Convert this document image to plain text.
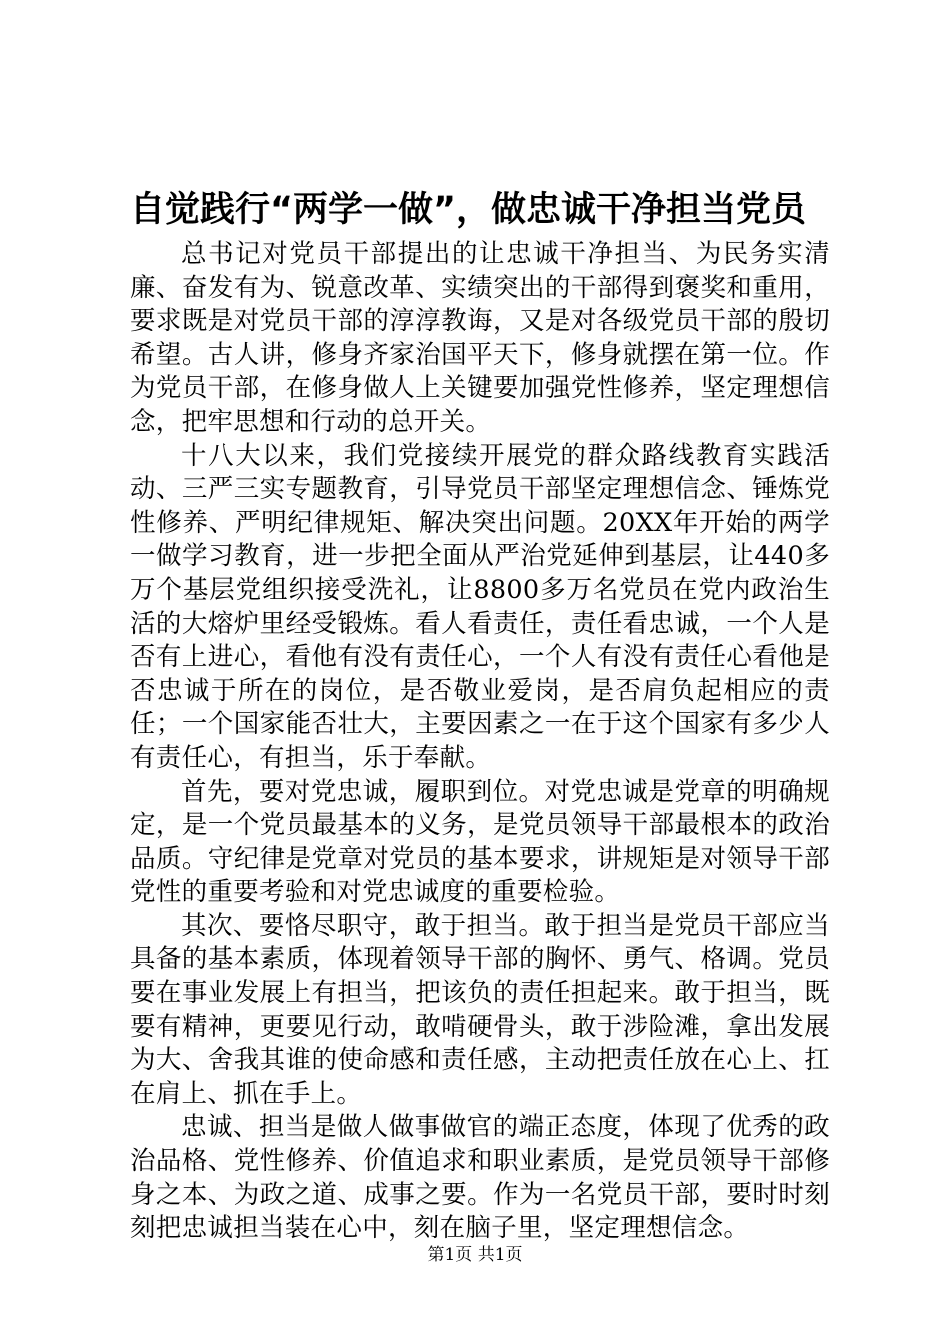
自觉践行“两学一做”，做忠诚干净担当党员

总书记对党员干部提出的让忠诚干净担当、为民务实清廉、奋发有为、锐意改革、实绩突出的干部得到褒奖和重用，要求既是对党员干部的淳淳教诲，又是对各级党员干部的殷切希望。古人讲，修身齐家治国平天下，修身就摆在第一位。作为党员干部，在修身做人上关键要加强党性修养，坚定理想信念，把牢思想和行动的总开关。

十八大以来，我们党接续开展党的群众路线教育实践活动、三严三实专题教育，引导党员干部坚定理想信念、锤炼党性修养、严明纪律规矩、解决突出问题。20XX年开始的两学一做学习教育，进一步把全面从严治党延伸到基层，让440多万个基层党组织接受洗礼，让8800多万名党员在党内政治生活的大熔炉里经受锻炼。看人看责任，责任看忠诚，一个人是否有上进心，看他有没有责任心，一个人有没有责任心看他是否忠诚于所在的岗位，是否敬业爱岗，是否肩负起相应的责任；一个国家能否壮大，主要因素之一在于这个国家有多少人有责任心，有担当，乐于奉献。

首先，要对党忠诚，履职到位。对党忠诚是党章的明确规定，是一个党员最基本的义务，是党员领导干部最根本的政治品质。守纪律是党章对党员的基本要求，讲规矩是对领导干部党性的重要考验和对党忠诚度的重要检验。

其次、要恪尽职守，敢于担当。敢于担当是党员干部应当具备的基本素质，体现着领导干部的胸怀、勇气、格调。党员要在事业发展上有担当，把该负的责任担起来。敢于担当，既要有精神，更要见行动，敢啃硬骨头，敢于涉险滩，拿出发展为大、舍我其谁的使命感和责任感，主动把责任放在心上、扛在肩上、抓在手上。

忠诚、担当是做人做事做官的端正态度，体现了优秀的政治品格、党性修养、价值追求和职业素质，是党员领导干部修身之本、为政之道、成事之要。作为一名党员干部，要时时刻刻把忠诚担当装在心中，刻在脑子里，坚定理想信念。

第1页 共1页
